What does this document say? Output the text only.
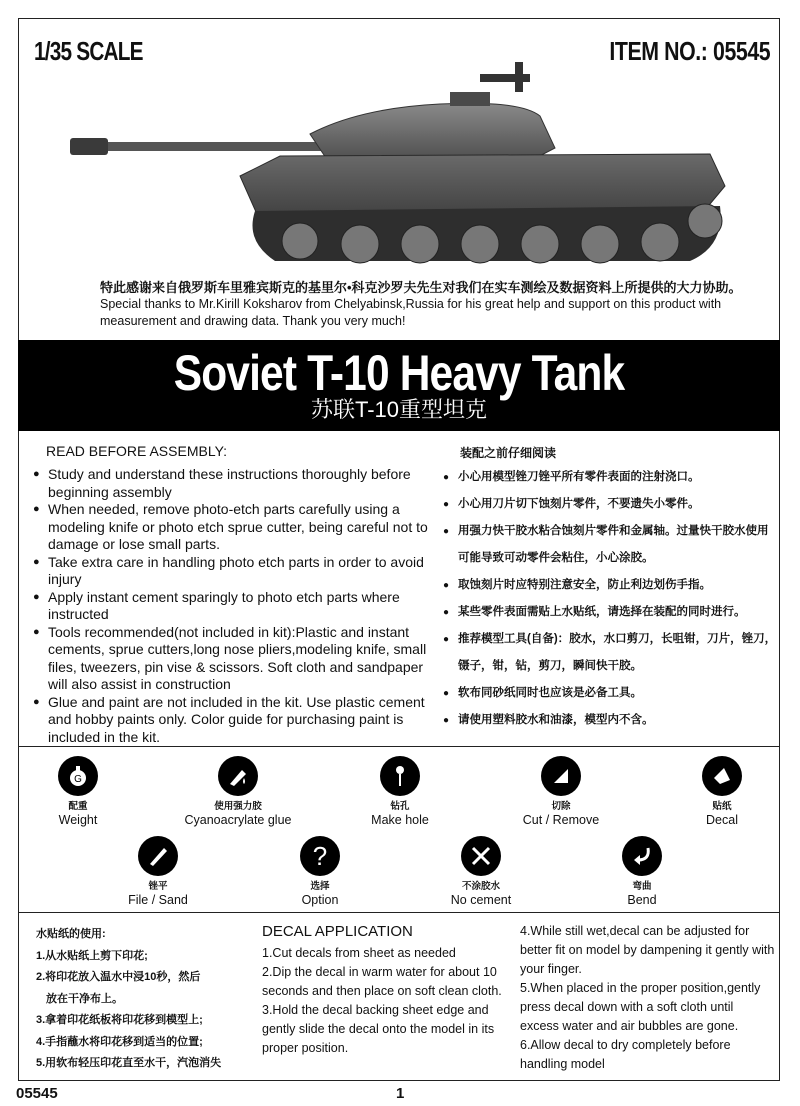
1/35 SCALE	ITEM NO.: 05545
特此感谢来自俄罗斯车里雅宾斯克的基里尔•科克沙罗夫先生对我们在实车测绘及数据资料上所提供的大力协助。
Special thanks to Mr.Kirill Koksharov from Chelyabinsk,Russia for his great help and support on this product with measurement and drawing data. Thank you very much!
Soviet T-10 Heavy Tank
苏联T-10重型坦克
READ BEFORE ASSEMBLY:
● Study and understand these instructions thoroughly before beginning assembly
● When needed, remove photo-etch parts carefully using a modeling knife or photo etch sprue cutter, being careful not to damage or lose small parts.
● Take extra care in handling photo etch parts in order to avoid injury
● Apply instant cement sparingly to photo etch parts where instructed
● Tools recommended(not included in kit):Plastic and instant cements, sprue cutters,long nose pliers,modeling knife, small files, tweezers, pin vise & scissors. Soft cloth and sandpaper will also assist in construction
● Glue and paint are not included in the kit. Use plastic cement and hobby paints only. Color guide for purchasing paint is included in the kit.
装配之前仔细阅读
● 小心用模型锉刀锉平所有零件表面的注射浇口。
● 小心用刀片切下蚀刻片零件，不要遗失小零件。
● 用强力快干胶水粘合蚀刻片零件和金属轴。过量快干胶水使用可能导致可动零件会粘住，小心涂胶。
● 取蚀刻片时应特别注意安全，防止利边划伤手指。
● 某些零件表面需贴上水贴纸，请选择在装配的同时进行。
● 推荐模型工具(自备)：胶水，水口剪刀，长咀钳，刀片，锉刀，镊子，钳，钻，剪刀，瞬间快干胶。
● 软布同砂纸同时也应该是必备工具。
● 请使用塑料胶水和油漆，模型内不含。
G
配重
Weight
使用强力胶
Cyanoacrylate glue
钻孔
Make hole
切除
Cut / Remove
贴纸
Decal
锉平
File / Sand
?
选择
Option
不涂胶水
No cement
弯曲
Bend
水贴纸的使用:
1.从水贴纸上剪下印花;
2.将印花放入温水中浸10秒，然后
放在干净布上。
3.拿着印花纸板将印花移到模型上;
4.手指蘸水将印花移到适当的位置;
5.用软布轻压印花直至水干，汽泡消失
DECAL APPLICATION
1.Cut decals from sheet as needed
2.Dip the decal in warm water for about 10 seconds and then place on soft clean cloth.
3.Hold the decal backing sheet edge and gently slide the decal onto the model in its proper position.
4.While still wet,decal can be adjusted for better fit on model by dampening it gently with your finger.
5.When placed in the proper position,gently press decal down with a soft cloth until excess water and air bubbles are gone.
6.Allow decal to dry completely before handling model
05545	1
